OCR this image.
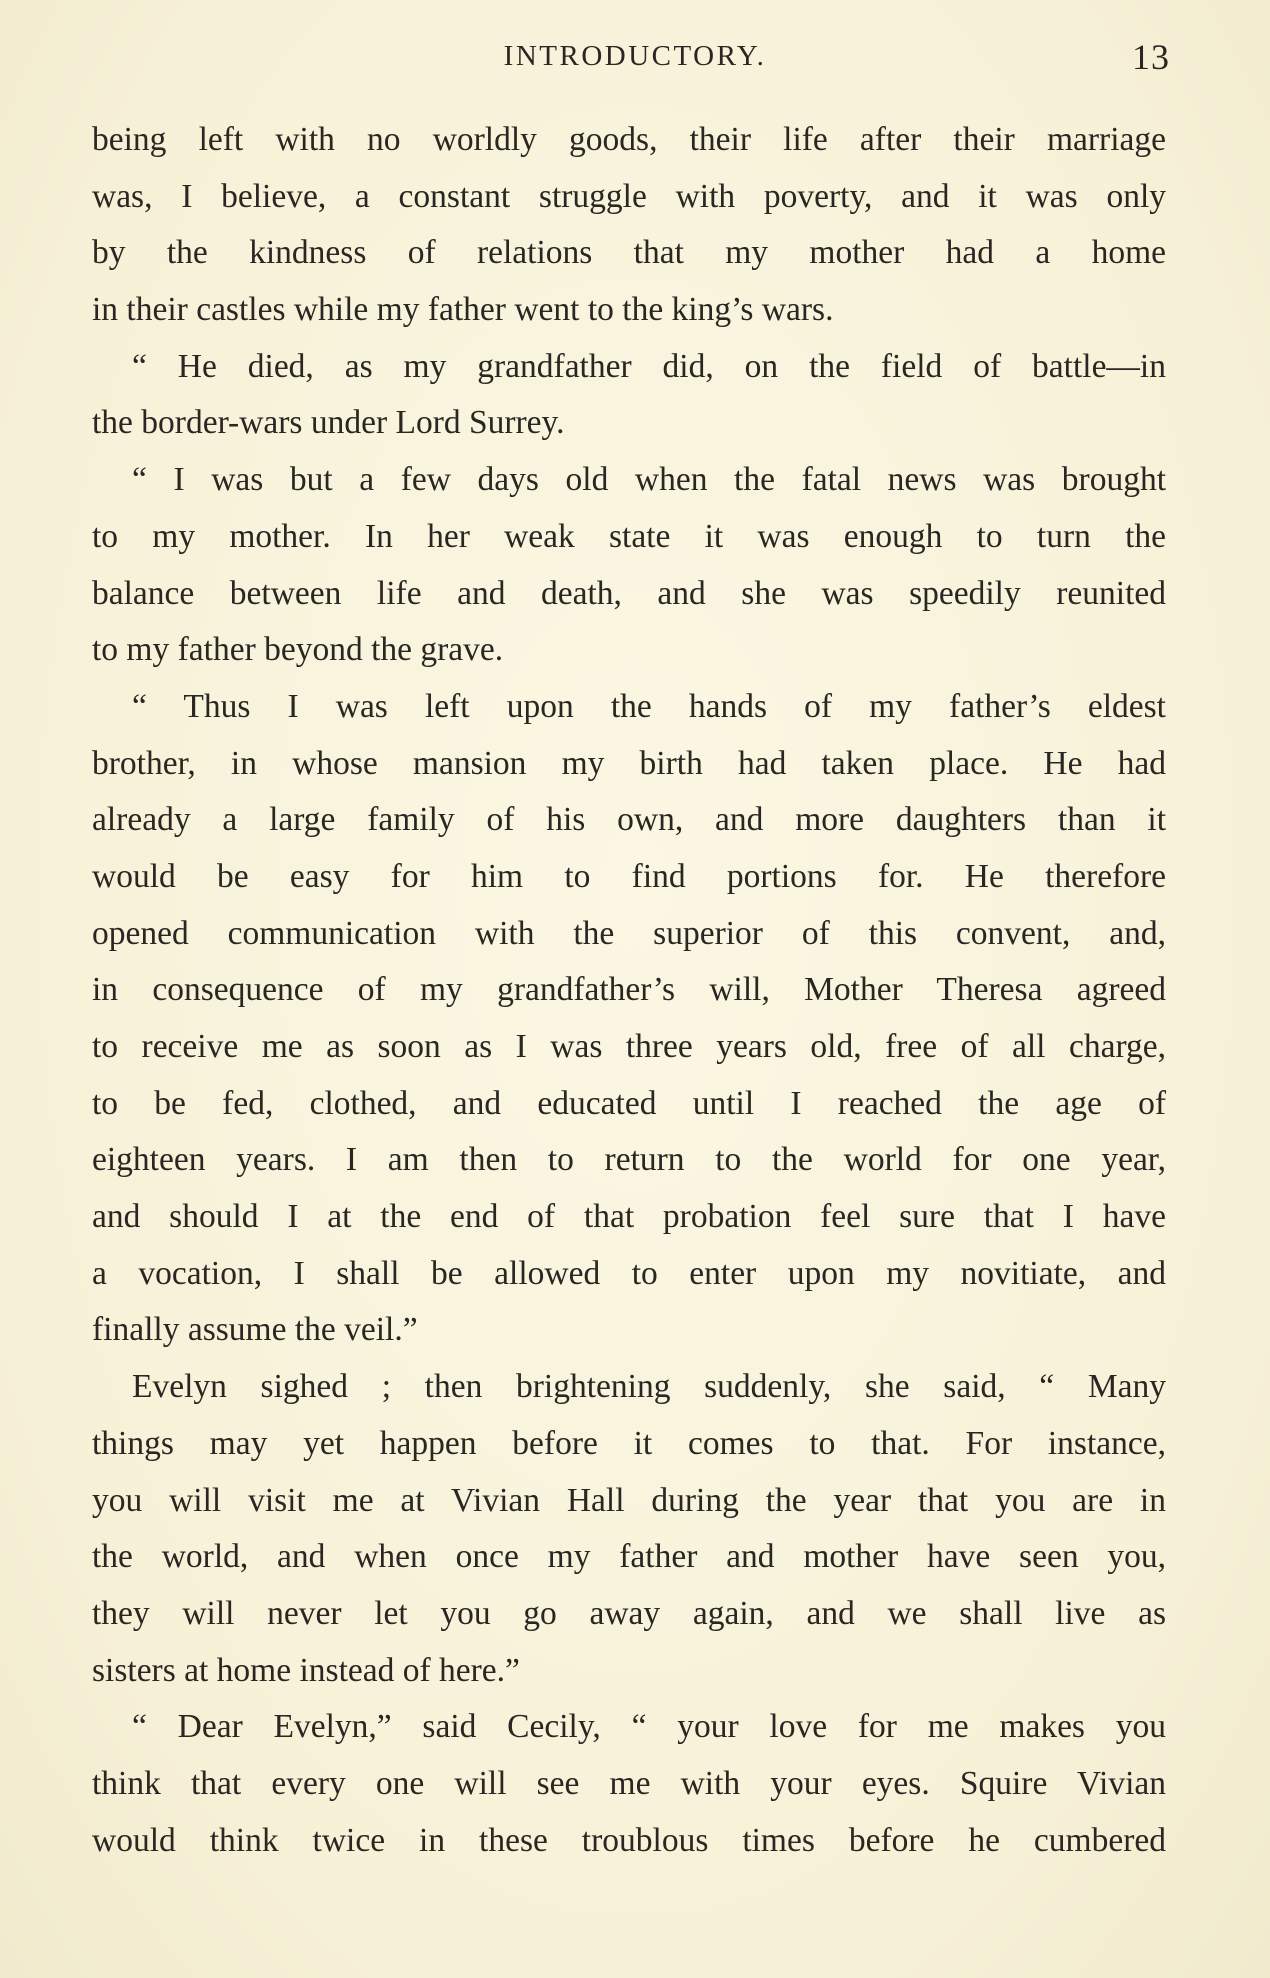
INTRODUCTORY.	13
being left with no worldly goods, their life after their marriage
was, I believe, a constant struggle with poverty, and it was only
by the kindness of relations that my mother had a home
in their castles while my father went to the king’s wars.
“ He died, as my grandfather did, on the field of battle—in
the border-wars under Lord Surrey.
“ I was but a few days old when the fatal news was brought
to my mother. In her weak state it was enough to turn the
balance between life and death, and she was speedily reunited
to my father beyond the grave.
“ Thus I was left upon the hands of my father’s eldest
brother, in whose mansion my birth had taken place. He had
already a large family of his own, and more daughters than it
would be easy for him to find portions for. He therefore
opened communication with the superior of this convent, and,
in consequence of my grandfather’s will, Mother Theresa agreed
to receive me as soon as I was three years old, free of all charge,
to be fed, clothed, and educated until I reached the age of
eighteen years. I am then to return to the world for one year,
and should I at the end of that probation feel sure that I have
a vocation, I shall be allowed to enter upon my novitiate, and
finally assume the veil.”
Evelyn sighed ; then brightening suddenly, she said, “ Many
things may yet happen before it comes to that. For instance,
you will visit me at Vivian Hall during the year that you are in
the world, and when once my father and mother have seen you,
they will never let you go away again, and we shall live as
sisters at home instead of here.”
“ Dear Evelyn,” said Cecily, “ your love for me makes you
think that every one will see me with your eyes. Squire Vivian
would think twice in these troublous times before he cumbered
